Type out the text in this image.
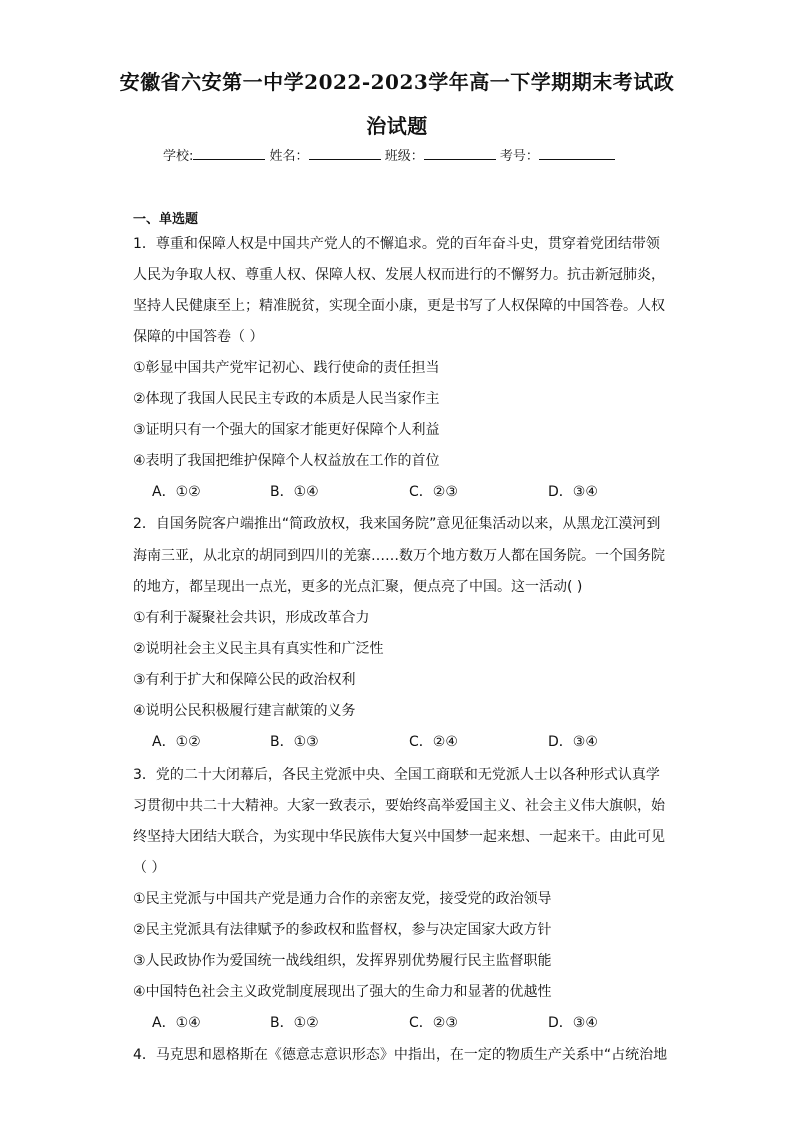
安徽省六安第一中学2022-2023学年高一下学期期末考试政
治试题
学校:	姓名：	班级：	考号：
一、单选题
1．尊重和保障人权是中国共产党人的不懈追求。党的百年奋斗史，贯穿着党团结带领
人民为争取人权、尊重人权、保障人权、发展人权而进行的不懈努力。抗击新冠肺炎，
坚持人民健康至上；精准脱贫，实现全面小康，更是书写了人权保障的中国答卷。人权
保障的中国答卷（ ）
①彰显中国共产党牢记初心、践行使命的责任担当
②体现了我国人民民主专政的本质是人民当家作主
③证明只有一个强大的国家才能更好保障个人利益
④表明了我国把维护保障个人权益放在工作的首位
A．①②	B．①④	C．②③	D．③④
2．自国务院客户端推出“简政放权，我来国务院”意见征集活动以来，从黑龙江漠河到
海南三亚，从北京的胡同到四川的羌寨……数万个地方数万人都在国务院。一个国务院
的地方，都呈现出一点光，更多的光点汇聚，便点亮了中国。这一活动( )
①有利于凝聚社会共识，形成改革合力
②说明社会主义民主具有真实性和广泛性
③有利于扩大和保障公民的政治权利
④说明公民积极履行建言献策的义务
A．①②	B．①③	C．②④	D．③④
3．党的二十大闭幕后，各民主党派中央、全国工商联和无党派人士以各种形式认真学
习贯彻中共二十大精神。大家一致表示，要始终高举爱国主义、社会主义伟大旗帜，始
终坚持大团结大联合，为实现中华民族伟大复兴中国梦一起来想、一起来干。由此可见
（ ）
①民主党派与中国共产党是通力合作的亲密友党，接受党的政治领导
②民主党派具有法律赋予的参政权和监督权，参与决定国家大政方针
③人民政协作为爱国统一战线组织，发挥界别优势履行民主监督职能
④中国特色社会主义政党制度展现出了强大的生命力和显著的优越性
A．①④	B．①②	C．②③	D．③④
4．马克思和恩格斯在《德意志意识形态》中指出，在一定的物质生产关系中“占统治地
